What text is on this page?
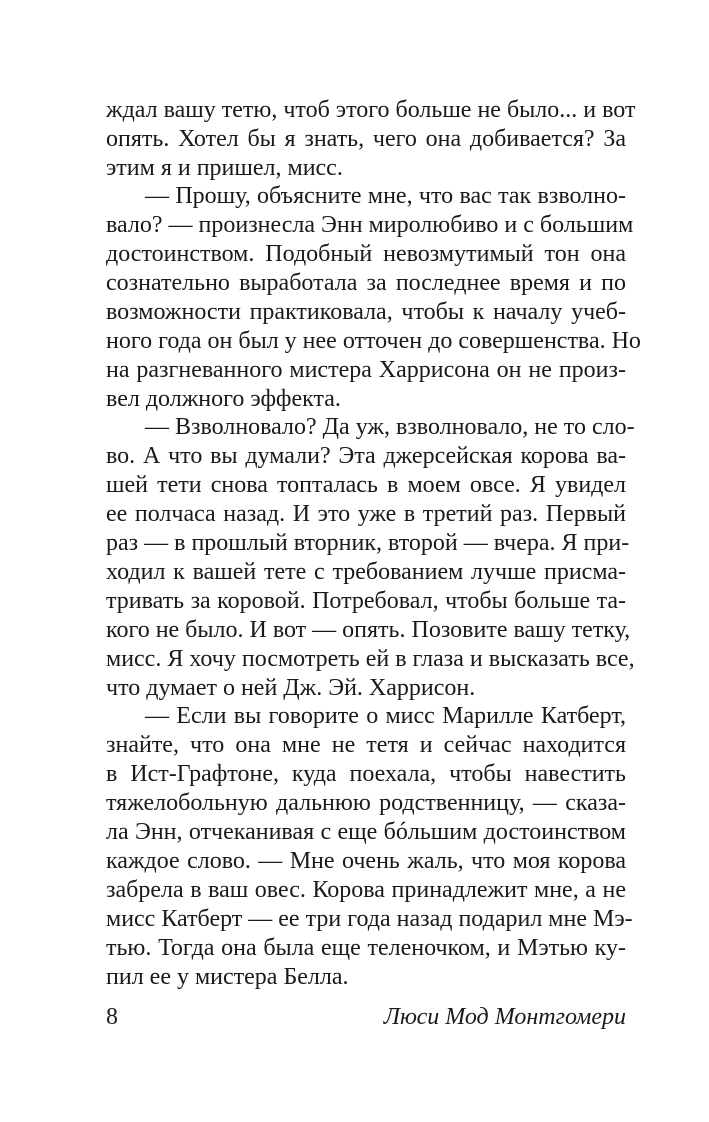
ждал вашу тетю, чтоб этого больше не было... и вот
опять. Хотел бы я знать, чего она добивается? За
этим я и пришел, мисс.
— Прошу, объясните мне, что вас так взволно-
вало? — произнесла Энн миролюбиво и с большим
достоинством. Подобный невозмутимый тон она
сознательно выработала за последнее время и по
возможности практиковала, чтобы к началу учеб-
ного года он был у нее отточен до совершенства. Но
на разгневанного мистера Харрисона он не произ-
вел должного эффекта.
— Взволновало? Да уж, взволновало, не то сло-
во. А что вы думали? Эта джерсейская корова ва-
шей тети снова топталась в моем овсе. Я увидел
ее полчаса назад. И это уже в третий раз. Первый
раз — в прошлый вторник, второй — вчера. Я при-
ходил к вашей тете с требованием лучше присма-
тривать за коровой. Потребовал, чтобы больше та-
кого не было. И вот — опять. Позовите вашу тетку,
мисс. Я хочу посмотреть ей в глаза и высказать все,
что думает о ней Дж. Эй. Харрисон.
— Если вы говорите о мисс Марилле Катберт,
знайте, что она мне не тетя и сейчас находится
в Ист-Графтоне, куда поехала, чтобы навестить
тяжелобольную дальнюю родственницу, — сказа-
ла Энн, отчеканивая с еще бóльшим достоинством
каждое слово. — Мне очень жаль, что моя корова
забрела в ваш овес. Корова принадлежит мне, а не
мисс Катберт — ее три года назад подарил мне Мэ-
тью. Тогда она была еще теленочком, и Мэтью ку-
пил ее у мистера Белла.
8	Люси Мод Монтгомери
